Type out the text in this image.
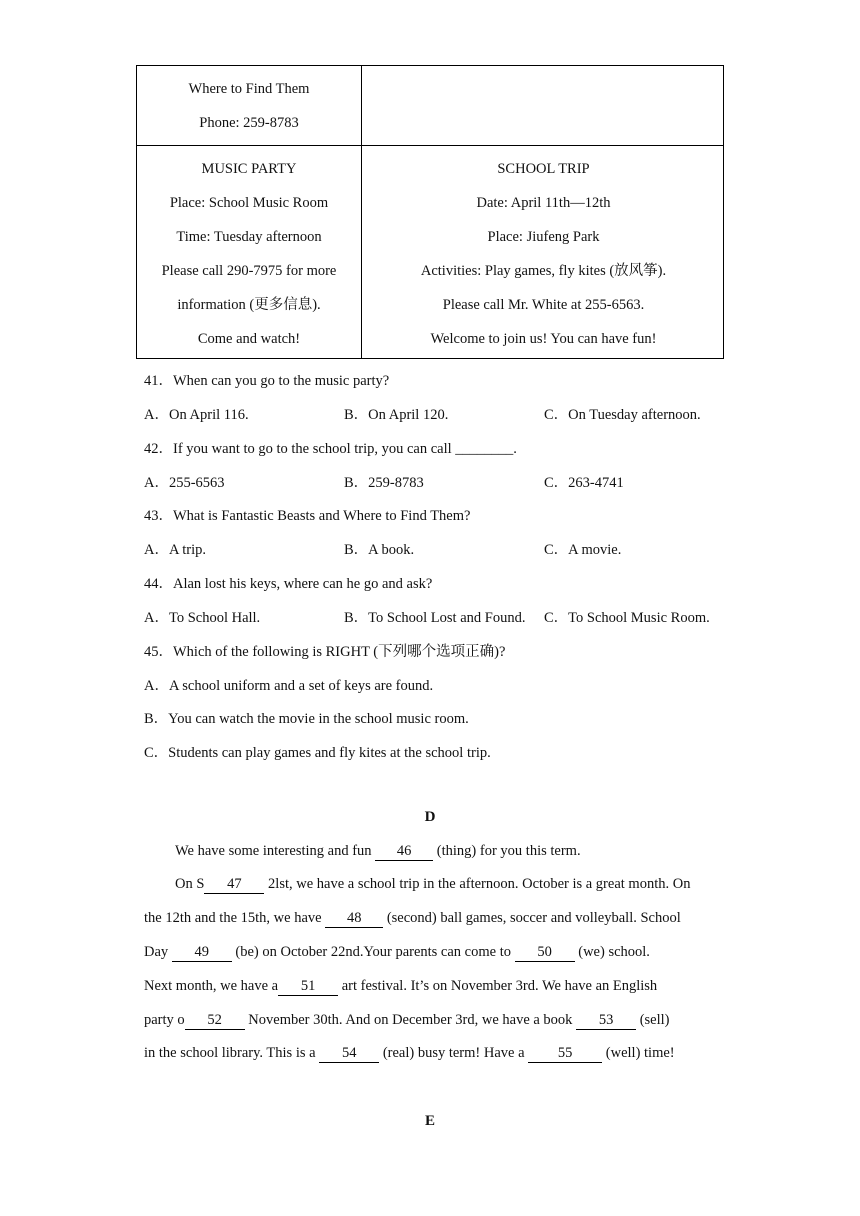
Where to Find Them
Phone: 259-8783
MUSIC PARTY
Place: School Music Room
Time: Tuesday afternoon
Please call 290-7975 for more
information (更多信息).
Come and watch!
SCHOOL TRIP
Date: April 11th—12th
Place: Jiufeng Park
Activities: Play games, fly kites (放风筝).
Please call Mr. White at 255-6563.
Welcome to join us! You can have fun!
41．When can you go to the music party?
A．On April 116.	B．On April 120.	C．On Tuesday afternoon.
42．If you want to go to the school trip, you can call ________.
A．255-6563	B．259-8783	C．263-4741
43．What is Fantastic Beasts and Where to Find Them?
A．A trip.	B．A book.	C．A movie.
44．Alan lost his keys, where can he go and ask?
A．To School Hall.	B．To School Lost and Found. C．To School Music Room.
45．Which of the following is RIGHT (下列哪个选项正确)?
A．A school uniform and a set of keys are found.
B．You can watch the movie in the school music room.
C．Students can play games and fly kites at the school trip.
D
We have some interesting and fun 46 (thing) for you this term.
On S 47 2lst, we have a school trip in the afternoon. October is a great month. On
the 12th and the 15th, we have 48 (second) ball games, soccer and volleyball. School
Day 49 (be) on October 22nd.Your parents can come to 50 (we) school.
Next month, we have a 51 art festival. It’s on November 3rd. We have an English
party o 52 November 30th. And on December 3rd, we have a book 53 (sell)
in the school library. This is a 54 (real) busy term! Have a 55 (well) time!
E
